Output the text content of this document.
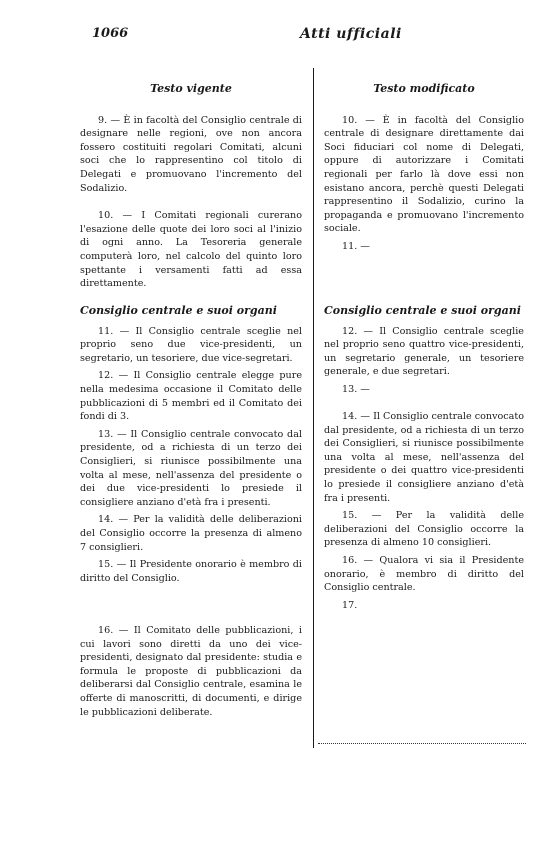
1066	Atti ufficiali
Testo vigente

9. — È in facoltà del Consiglio centrale di designare nelle regioni, ove non ancora fossero costituiti regolari Comitati, alcuni soci che lo rappresentino col titolo di Delegati e promuovano l'incremento del Sodalizio.

10. — I Comitati regionali curerano l'esazione delle quote dei loro soci al l'inizio di ogni anno. La Tesoreria generale computerà loro, nel calcolo del quinto loro spettante i versamenti fatti ad essa direttamente.

Consiglio centrale e suoi organi

11. — Il Consiglio centrale sceglie nel proprio seno due vice-presidenti, un segretario, un tesoriere, due vice-segretari.

12. — Il Consiglio centrale elegge pure nella medesima occasione il Comitato delle pubblicazioni di 5 membri ed il Comitato dei fondi di 3.

13. — Il Consiglio centrale convocato dal presidente, od a richiesta di un terzo dei Consiglieri, si riunisce possibilmente una volta al mese, nell'assenza del presidente o dei due vice-presidenti lo presiede il consigliere anziano d'età fra i presenti.

14. — Per la validità delle deliberazioni del Consiglio occorre la presenza di almeno 7 consiglieri.

15. — Il Presidente onorario è membro di diritto del Consiglio.

16. — Il Comitato delle pubblicazioni, i cui lavori sono diretti da uno dei vice-presidenti, designato dal presidente: studia e formula le proposte di pubblicazioni da deliberarsi dal Consiglio centrale, esamina le offerte di manoscritti, di documenti, e dirige le pubblicazioni deliberate.

Testo modificato

10. — È in facoltà del Consiglio centrale di designare direttamente dai Soci fiduciari col nome di Delegati, oppure di autorizzare i Comitati regionali per farlo là dove essi non esistano ancora, perchè questi Delegati rappresentino il Sodalizio, curino la propaganda e promuovano l'incremento sociale.

11. —

Consiglio centrale e suoi organi

12. — Il Consiglio centrale sceglie nel proprio seno quattro vice-presidenti, un segretario generale, un tesoriere generale, e due segretari.

13. —

14. — Il Consiglio centrale convocato dal presidente, od a richiesta di un terzo dei Consiglieri, si riunisce possibilmente una volta al mese, nell'assenza del presidente o dei quattro vice-presidenti lo presiede il consigliere anziano d'età fra i presenti.

15. — Per la validità delle deliberazioni del Consiglio occorre la presenza di almeno 10 consiglieri.

16. — Qualora vi sia il Presidente onorario, è membro di diritto del Consiglio centrale.

17.
